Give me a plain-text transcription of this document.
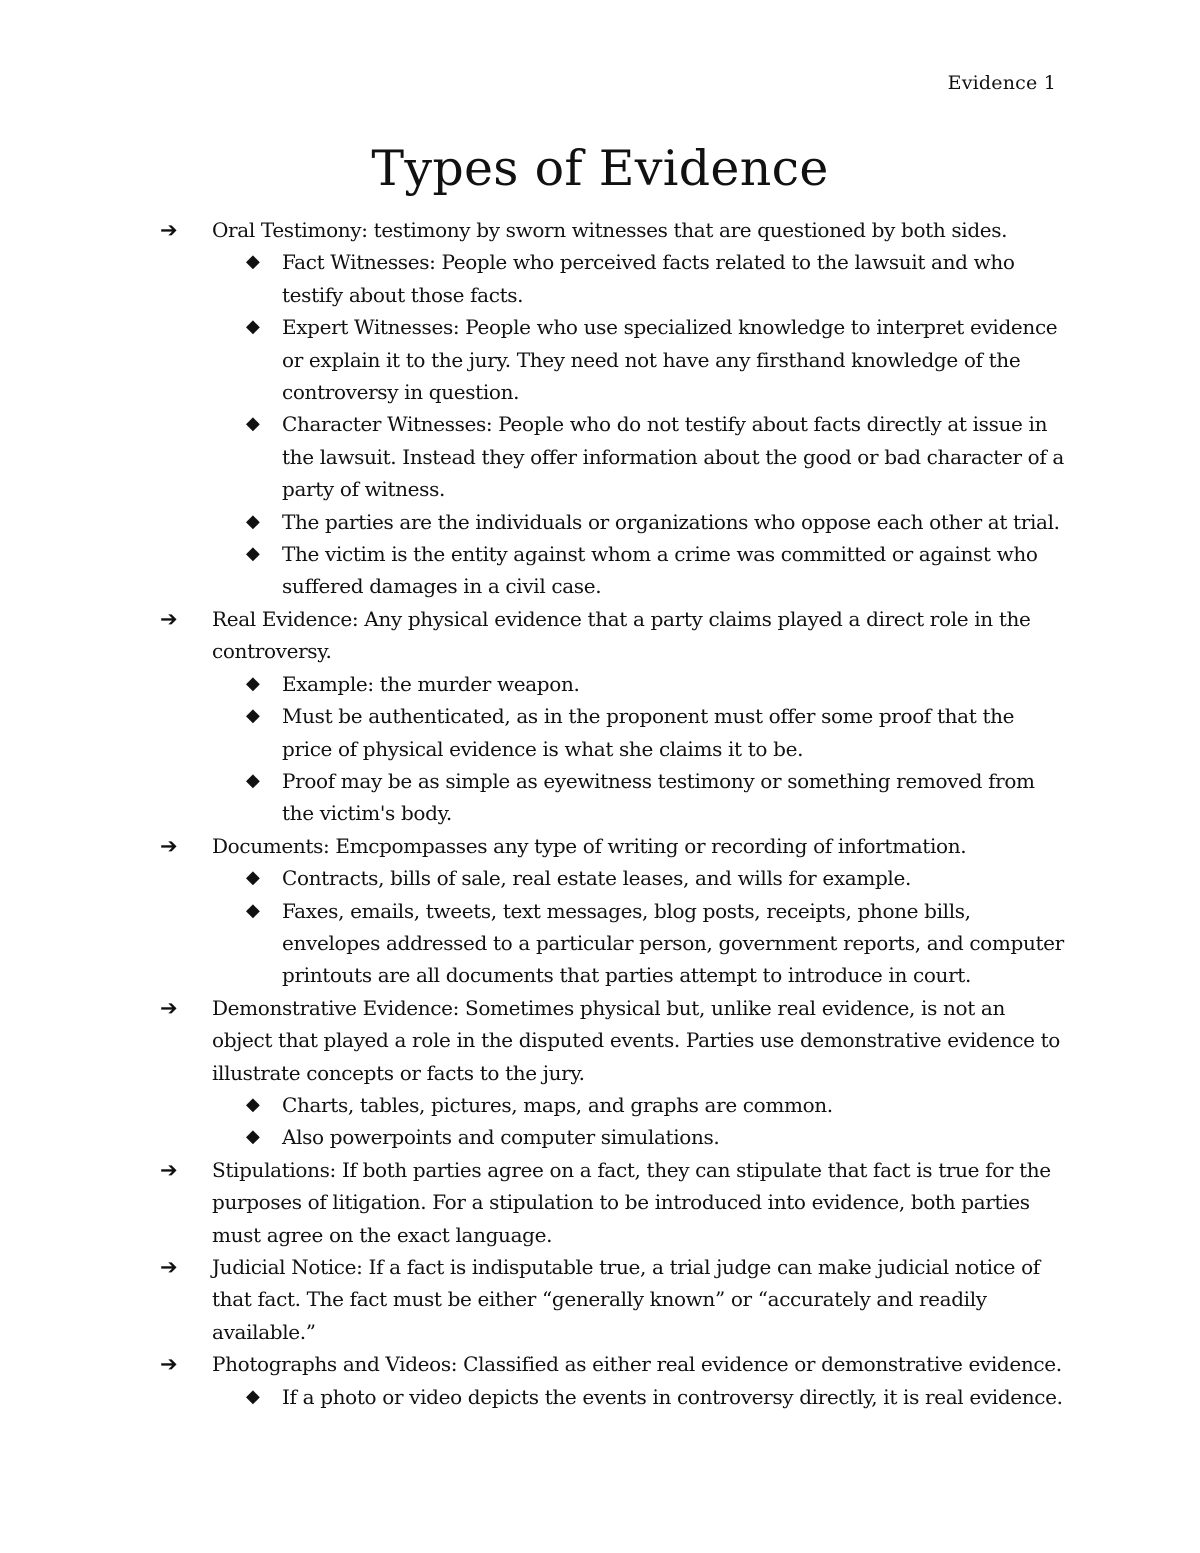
Evidence 1
Types of Evidence
➔	Oral Testimony: testimony by sworn witnesses that are questioned by both sides.
◆	Fact Witnesses: People who perceived facts related to the lawsuit and who testify about those facts.
◆	Expert Witnesses: People who use specialized knowledge to interpret evidence or explain it to the jury. They need not have any firsthand knowledge of the controversy in question.
◆	Character Witnesses: People who do not testify about facts directly at issue in the lawsuit. Instead they offer information about the good or bad character of a party of witness.
◆	The parties are the individuals or organizations who oppose each other at trial.
◆	The victim is the entity against whom a crime was committed or against who suffered damages in a civil case.
➔	Real Evidence: Any physical evidence that a party claims played a direct role in the controversy.
◆	Example: the murder weapon.
◆	Must be authenticated, as in the proponent must offer some proof that the price of physical evidence is what she claims it to be.
◆	Proof may be as simple as eyewitness testimony or something removed from the victim's body.
➔	Documents: Emcpompasses any type of writing or recording of infortmation.
◆	Contracts, bills of sale, real estate leases, and wills for example.
◆	Faxes, emails, tweets, text messages, blog posts, receipts, phone bills, envelopes addressed to a particular person, government reports, and computer printouts are all documents that parties attempt to introduce in court.
➔	Demonstrative Evidence: Sometimes physical but, unlike real evidence, is not an object that played a role in the disputed events. Parties use demonstrative evidence to illustrate concepts or facts to the jury.
◆	Charts, tables, pictures, maps, and graphs are common.
◆	Also powerpoints and computer simulations.
➔	Stipulations: If both parties agree on a fact, they can stipulate that fact is true for the purposes of litigation. For a stipulation to be introduced into evidence, both parties must agree on the exact language.
➔	Judicial Notice: If a fact is indisputable true, a trial judge can make judicial notice of that fact. The fact must be either “generally known” or “accurately and readily available.”
➔	Photographs and Videos: Classified as either real evidence or demonstrative evidence.
◆	If a photo or video depicts the events in controversy directly, it is real evidence.
